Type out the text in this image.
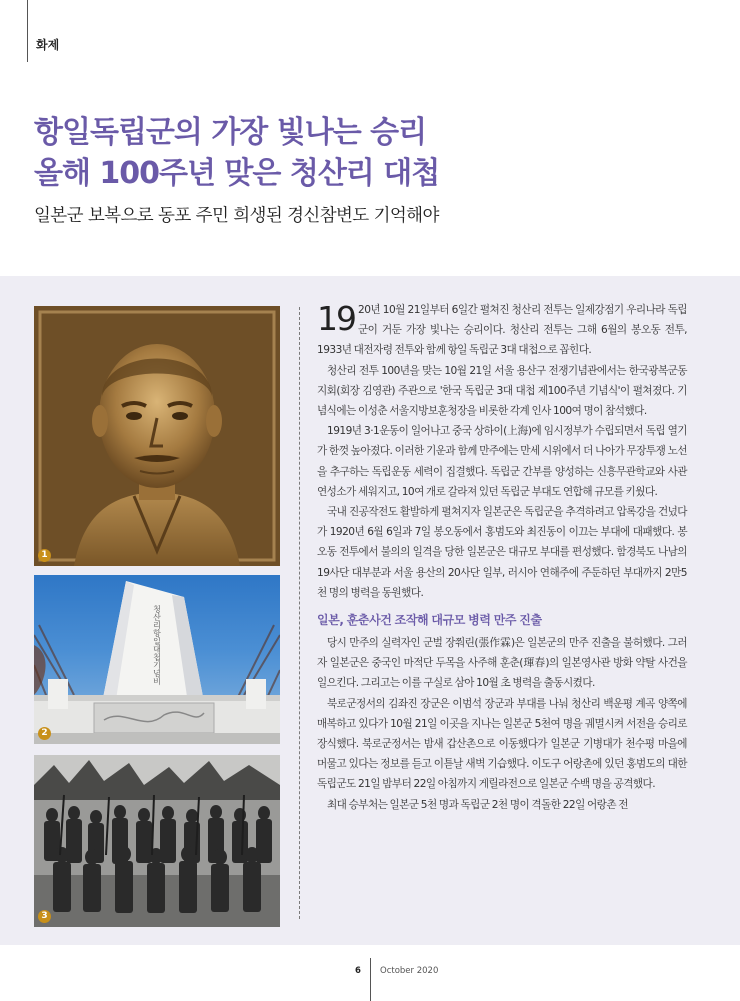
화제
항일독립군의 가장 빛나는 승리
올해 100주년 맞은 청산리 대첩
일본군 보복으로 동포 주민 희생된 경신참변도 기억해야
1
청산리항일대첩기념비
2
3

19 20년 10월 21일부터 6일간 펼쳐진 청산리 전투는 일제강점기 우리나라 독립군이 거둔 가장 빛나는 승리이다. 청산리 전투는 그해 6월의 봉오동 전투, 1933년 대전자령 전투와 함께 항일 독립군 3대 대첩으로 꼽힌다.

청산리 전투 100년을 맞는 10월 21일 서울 용산구 전쟁기념관에서는 한국광복군동지회(회장 김영관) 주관으로 '한국 독립군 3대 대첩 제100주년 기념식'이 펼쳐졌다. 기념식에는 이성춘 서울지방보훈청장을 비롯한 각계 인사 100여 명이 참석했다.

1919년 3·1운동이 일어나고 중국 상하이(上海)에 임시정부가 수립되면서 독립 열기가 한껏 높아졌다. 이러한 기운과 함께 만주에는 만세 시위에서 더 나아가 무장투쟁 노선을 추구하는 독립운동 세력이 집결했다. 독립군 간부를 양성하는 신흥무관학교와 사관연성소가 세워지고, 10여 개로 갈라져 있던 독립군 부대도 연합해 규모를 키웠다.

국내 진공작전도 활발하게 펼쳐지자 일본군은 독립군을 추격하려고 압록강을 건넜다가 1920년 6월 6일과 7일 봉오동에서 홍범도와 최진동이 이끄는 부대에 대패했다. 봉오동 전투에서 불의의 일격을 당한 일본군은 대규모 부대를 편성했다. 함경북도 나남의 19사단 대부분과 서울 용산의 20사단 일부, 러시아 연해주에 주둔하던 부대까지 2만5천 명의 병력을 동원했다.

일본, 훈춘사건 조작해 대규모 병력 만주 진출

당시 만주의 실력자인 군벌 장쭤린(張作霖)은 일본군의 만주 진출을 불허했다. 그러자 일본군은 중국인 마적단 두목을 사주해 훈춘(琿春)의 일본영사관 방화 약탈 사건을 일으킨다. 그리고는 이를 구실로 삼아 10월 초 병력을 출동시켰다.

북로군정서의 김좌진 장군은 이범석 장군과 부대를 나눠 청산리 백운평 계곡 양쪽에 매복하고 있다가 10월 21일 이곳을 지나는 일본군 5천여 명을 궤멸시켜 서전을 승리로 장식했다. 북로군정서는 밤새 갑산촌으로 이동했다가 일본군 기병대가 천수평 마을에 머물고 있다는 정보를 듣고 이튿날 새벽 기습했다. 이도구 어랑촌에 있던 홍범도의 대한독립군도 21일 밤부터 22일 아침까지 게릴라전으로 일본군 수백 명을 공격했다.

최대 승부처는 일본군 5천 명과 독립군 2천 명이 격돌한 22일 어랑촌 전

6 October 2020
